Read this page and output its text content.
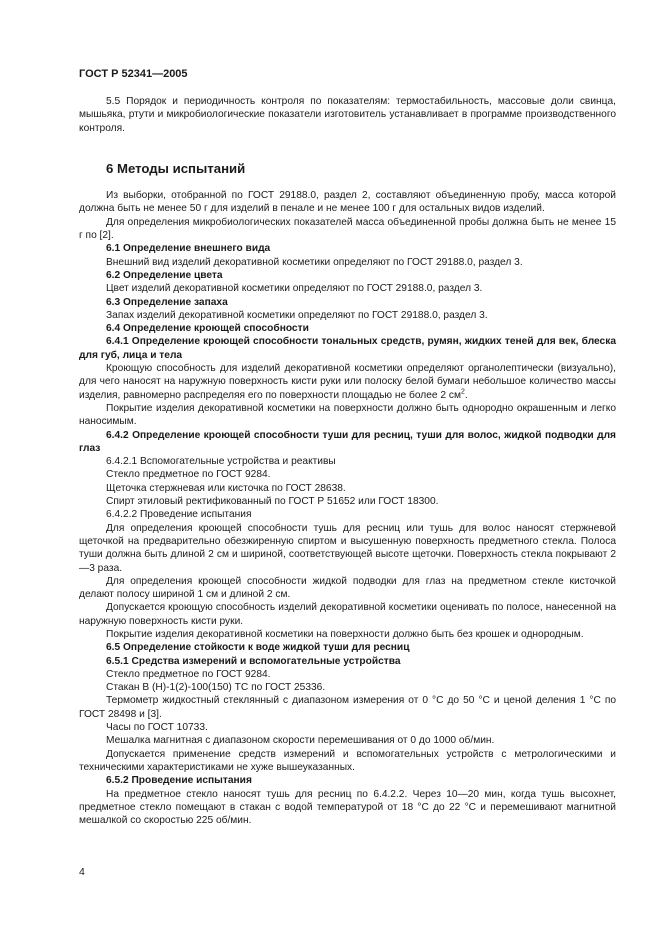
ГОСТ Р 52341—2005

5.5 Порядок и периодичность контроля по показателям: термостабильность, массовые доли свинца, мышьяка, ртути и микробиологические показатели изготовитель устанавливает в программе производственного контроля.

6 Методы испытаний

Из выборки, отобранной по ГОСТ 29188.0, раздел 2, составляют объединенную пробу, масса которой должна быть не менее 50 г для изделий в пенале и не менее 100 г для остальных видов изделий.

Для определения микробиологических показателей масса объединенной пробы должна быть не менее 15 г по [2].

6.1 Определение внешнего вида

Внешний вид изделий декоративной косметики определяют по ГОСТ 29188.0, раздел 3.

6.2 Определение цвета

Цвет изделий декоративной косметики определяют по ГОСТ 29188.0, раздел 3.

6.3 Определение запаха

Запах изделий декоративной косметики определяют по ГОСТ 29188.0, раздел 3.

6.4 Определение кроющей способности

6.4.1 Определение кроющей способности тональных средств, румян, жидких теней для век, блеска для губ, лица и тела

Кроющую способность для изделий декоративной косметики определяют органолептически (визуально), для чего наносят на наружную поверхность кисти руки или полоску белой бумаги небольшое количество массы изделия, равномерно распределяя его по поверхности площадью не более 2 $см^2$.

Покрытие изделия декоративной косметики на поверхности должно быть однородно окрашенным и легко наносимым.

6.4.2 Определение кроющей способности туши для ресниц, туши для волос, жидкой подводки для глаз

6.4.2.1 Вспомогательные устройства и реактивы

Стекло предметное по ГОСТ 9284.

Щеточка стержневая или кисточка по ГОСТ 28638.

Спирт этиловый ректификованный по ГОСТ Р 51652 или ГОСТ 18300.

6.4.2.2 Проведение испытания

Для определения кроющей способности тушь для ресниц или тушь для волос наносят стержневой щеточкой на предварительно обезжиренную спиртом и высушенную поверхность предметного стекла. Полоса туши должна быть длиной 2 см и шириной, соответствующей высоте щеточки. Поверхность стекла покрывают 2—3 раза.

Для определения кроющей способности жидкой подводки для глаз на предметном стекле кисточкой делают полосу шириной 1 см и длиной 2 см.

Допускается кроющую способность изделий декоративной косметики оценивать по полосе, нанесенной на наружную поверхность кисти руки.

Покрытие изделия декоративной косметики на поверхности должно быть без крошек и однородным.

6.5 Определение стойкости к воде жидкой туши для ресниц

6.5.1 Средства измерений и вспомогательные устройства

Стекло предметное по ГОСТ 9284.

Стакан В (Н)-1(2)-100(150) ТС по ГОСТ 25336.

Термометр жидкостный стеклянный с диапазоном измерения от 0 °С до 50 °С и ценой деления 1 °С по ГОСТ 28498 и [3].

Часы по ГОСТ 10733.

Мешалка магнитная с диапазоном скорости перемешивания от 0 до 1000 об/мин.

Допускается применение средств измерений и вспомогательных устройств с метрологическими и техническими характеристиками не хуже вышеуказанных.

6.5.2 Проведение испытания

На предметное стекло наносят тушь для ресниц по 6.4.2.2. Через 10—20 мин, когда тушь высохнет, предметное стекло помещают в стакан с водой температурой от 18 °С до 22 °С и перемешивают магнитной мешалкой со скоростью 225 об/мин.

4
